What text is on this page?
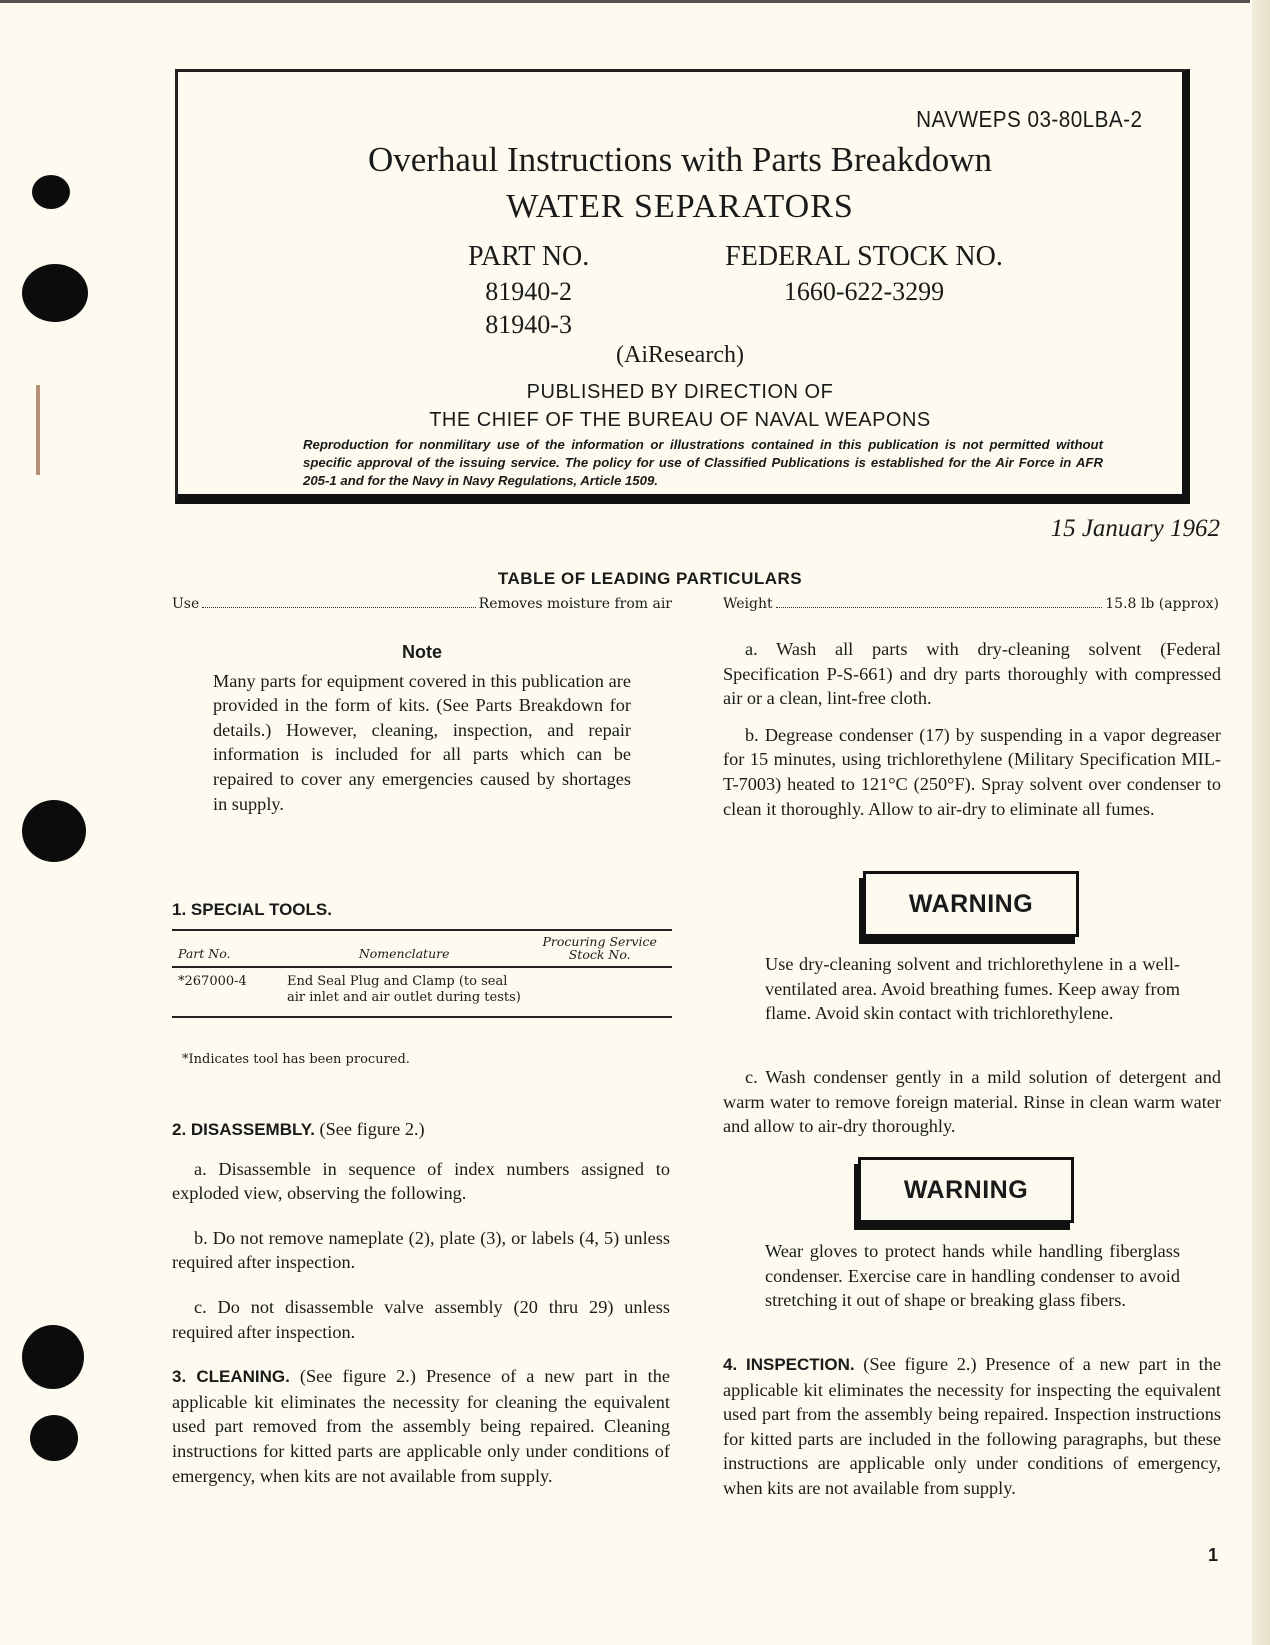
NAVWEPS 03-80LBA-2
Overhaul Instructions with Parts Breakdown
WATER SEPARATORS
PART NO.
81940-2
81940-3
FEDERAL STOCK NO.
1660-622-3299
(AiResearch)
PUBLISHED BY DIRECTION OF
THE CHIEF OF THE BUREAU OF NAVAL WEAPONS
Reproduction for nonmilitary use of the information or illustrations contained in this publication is not permitted without specific approval of the issuing service. The policy for use of Classified Publications is established for the Air Force in AFR 205-1 and for the Navy in Navy Regulations, Article 1509.
15 January 1962
TABLE OF LEADING PARTICULARS
Use	Removes moisture from air	Weight	15.8 lb (approx)
Note

Many parts for equipment covered in this publication are provided in the form of kits. (See Parts Breakdown for details.) However, cleaning, inspection, and repair information is included for all parts which can be repaired to cover any emergencies caused by shortages in supply.

1. SPECIAL TOOLS.
Part No.	Nomenclature	Procuring Service Stock No.
*267000-4	End Seal Plug and Clamp (to seal air inlet and air outlet during tests)	
*Indicates tool has been procured.

2. DISASSEMBLY. (See figure 2.)

a. Disassemble in sequence of index numbers assigned to exploded view, observing the following.

b. Do not remove nameplate (2), plate (3), or labels (4, 5) unless required after inspection.

c. Do not disassemble valve assembly (20 thru 29) unless required after inspection.

3. CLEANING. (See figure 2.) Presence of a new part in the applicable kit eliminates the necessity for cleaning the equivalent used part removed from the assembly being repaired. Cleaning instructions for kitted parts are applicable only under conditions of emergency, when kits are not available from supply.

a. Wash all parts with dry-cleaning solvent (Federal Specification P-S-661) and dry parts thoroughly with compressed air or a clean, lint-free cloth.

b. Degrease condenser (17) by suspending in a vapor degreaser for 15 minutes, using trichlorethylene (Military Specification MIL-T-7003) heated to 121°C (250°F). Spray solvent over condenser to clean it thoroughly. Allow to air-dry to eliminate all fumes.

WARNING
Use dry-cleaning solvent and trichlorethylene in a well-ventilated area. Avoid breathing fumes. Keep away from flame. Avoid skin contact with trichlorethylene.

c. Wash condenser gently in a mild solution of detergent and warm water to remove foreign material. Rinse in clean warm water and allow to air-dry thoroughly.

WARNING
Wear gloves to protect hands while handling fiberglass condenser. Exercise care in handling condenser to avoid stretching it out of shape or breaking glass fibers.

4. INSPECTION. (See figure 2.) Presence of a new part in the applicable kit eliminates the necessity for inspecting the equivalent used part from the assembly being repaired. Inspection instructions for kitted parts are included in the following paragraphs, but these instructions are applicable only under conditions of emergency, when kits are not available from supply.

1
